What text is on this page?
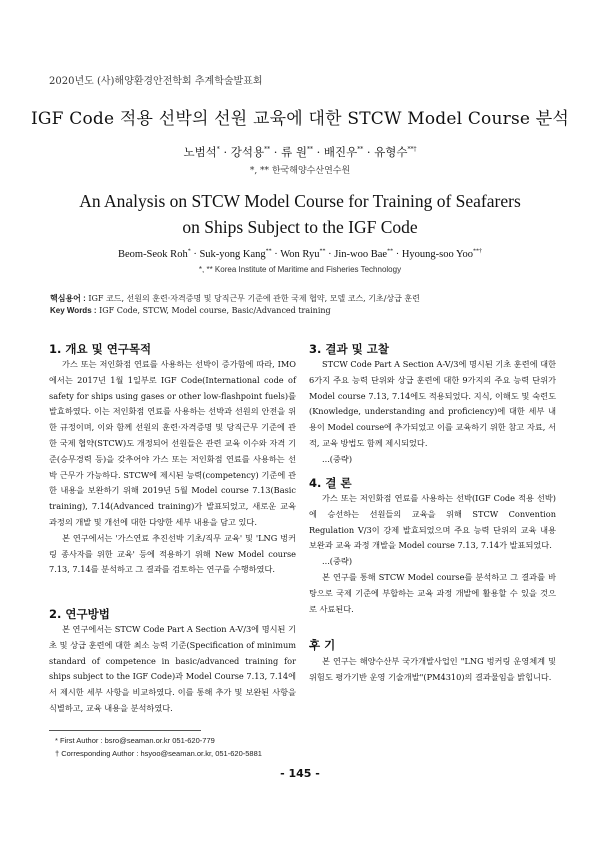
2020년도 (사)해양환경안전학회 추계학술발표회
IGF Code 적용 선박의 선원 교육에 대한 STCW Model Course 분석
노범석* · 강석용** · 류 원** · 배진우** · 유형수**†
*, ** 한국해양수산연수원
An Analysis on STCW Model Course for Training of Seafarers
on Ships Subject to the IGF Code
Beom-Seok Roh* · Suk-yong Kang** · Won Ryu** · Jin-woo Bae** · Hyoung-soo Yoo**†
*, ** Korea Institute of Maritime and Fisheries Technology
핵심용어 : IGF 코드, 선원의 훈련·자격증명 및 당직근무 기준에 관한 국제 협약, 모델 코스, 기초/상급 훈련
Key Words : IGF Code, STCW, Model course, Basic/Advanced training
1. 개요 및 연구목적

가스 또는 저인화점 연료를 사용하는 선박이 증가함에 따라, IMO에서는 2017년 1월 1일부로 IGF Code(International code of safety for ships using gases or other low-flashpoint fuels)를 발효하였다. 이는 저인화점 연료를 사용하는 선박과 선원의 안전을 위한 규정이며, 이와 함께 선원의 훈련·자격증명 및 당직근무 기준에 관한 국제 협약(STCW)도 개정되어 선원들은 관련 교육 이수와 자격 기준(승무경력 등)을 갖추어야 가스 또는 저인화점 연료를 사용하는 선박 근무가 가능하다. STCW에 제시된 능력(competency) 기준에 관한 내용을 보완하기 위해 2019년 5월 Model course 7.13(Basic training), 7.14(Advanced training)가 발표되었고, 새로운 교육 과정의 개발 및 개선에 대한 다양한 세부 내용을 담고 있다.

본 연구에서는 '가스연료 추진선박 기초/직무 교육' 및 'LNG 벙커링 종사자를 위한 교육' 등에 적용하기 위해 New Model course 7.13, 7.14를 분석하고 그 결과를 검토하는 연구를 수행하였다.

2. 연구방법

본 연구에서는 STCW Code Part A Section A-V/3에 명시된 기초 및 상급 훈련에 대한 최소 능력 기준(Specification of minimum standard of competence in basic/advanced training for ships subject to the IGF Code)과 Model Course 7.13, 7.14에서 제시한 세부 사항을 비교하였다. 이를 통해 추가 및 보완된 사항을 식별하고, 교육 내용을 분석하였다.

3. 결과 및 고찰

STCW Code Part A Section A-V/3에 명시된 기초 훈련에 대한 6가지 주요 능력 단위와 상급 훈련에 대한 9가지의 주요 능력 단위가 Model course 7.13, 7.14에도 적용되었다. 지식, 이해도 및 숙련도(Knowledge, understanding and proficiency)에 대한 세부 내용이 Model course에 추가되었고 이를 교육하기 위한 참고 자료, 서적, 교육 방법도 함께 제시되었다.

...(중략)

4. 결 론

가스 또는 저인화점 연료를 사용하는 선박(IGF Code 적용 선박)에 승선하는 선원들의 교육을 위해 STCW Convention Regulation V/3이 강제 발효되었으며 주요 능력 단위의 교육 내용 보완과 교육 과정 개발을 Model course 7.13, 7.14가 발표되었다.

...(중략)

본 연구를 통해 STCW Model course를 분석하고 그 결과를 바탕으로 국제 기준에 부합하는 교육 과정 개발에 활용할 수 있을 것으로 사료된다.

후 기

본 연구는 해양수산부 국가개발사업인 "LNG 벙커링 운영체계 및 위험도 평가기반 운영 기술개발"(PM4310)의 결과물임을 밝힙니다.

* First Author : bsro@seaman.or.kr 051-620-779
† Corresponding Author : hsyoo@seaman.or.kr, 051-620-5881
- 145 -
